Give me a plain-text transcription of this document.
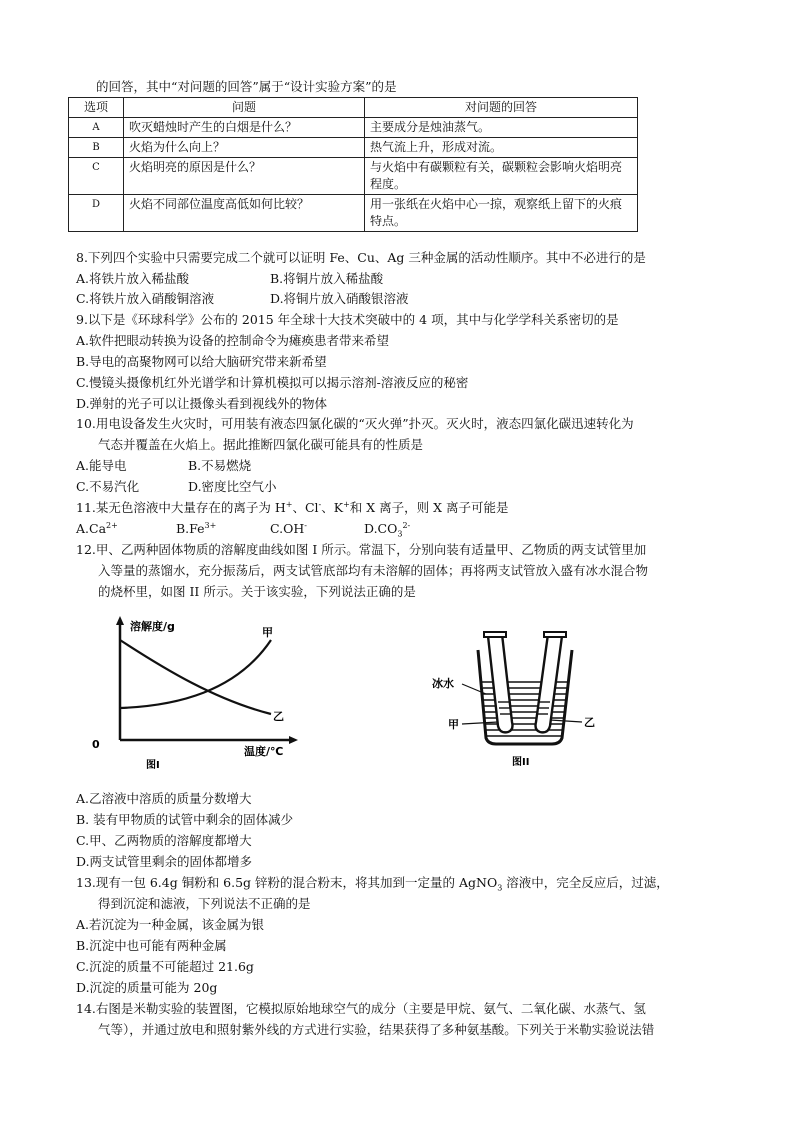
的回答，其中“对问题的回答”属于“设计实验方案”的是
选项	问题	对问题的回答
A	吹灭蜡烛时产生的白烟是什么？	主要成分是烛油蒸气。
B	火焰为什么向上？	热气流上升，形成对流。
C	火焰明亮的原因是什么？	与火焰中有碳颗粒有关，碳颗粒会影响火焰明亮程度。
D	火焰不同部位温度高低如何比较？	用一张纸在火焰中心一掠，观察纸上留下的火痕特点。
8.下列四个实验中只需要完成二个就可以证明 Fe、Cu、Ag 三种金属的活动性顺序。其中不必进行的是
A.将铁片放入稀盐酸	B.将铜片放入稀盐酸
C.将铁片放入硝酸铜溶液	D.将铜片放入硝酸银溶液
9.以下是《环球科学》公布的 2015 年全球十大技术突破中的 4 项，其中与化学学科关系密切的是
A.软件把眼动转换为设备的控制命令为瘫痪患者带来希望
B.导电的高聚物网可以给大脑研究带来新希望
C.慢镜头摄像机红外光谱学和计算机模拟可以揭示溶剂-溶液反应的秘密
D.弹射的光子可以让摄像头看到视线外的物体
10.用电设备发生火灾时，可用装有液态四氯化碳的“灭火弹”扑灭。灭火时，液态四氯化碳迅速转化为
气态并覆盖在火焰上。据此推断四氯化碳可能具有的性质是
A.能导电	B.不易燃烧
C.不易汽化	D.密度比空气小
11.某无色溶液中大量存在的离子为 H+、Cl-、K+和 X 离子，则 X 离子可能是
$A.Ca^{2+}$	$B.Fe^{3+}$	C.OH-	$D.CO_3^{2-}$
12.甲、乙两种固体物质的溶解度曲线如图 I 所示。常温下，分别向装有适量甲、乙物质的两支试管里加
入等量的蒸馏水，充分振荡后，两支试管底部均有未溶解的固体；再将两支试管放入盛有冰水混合物
的烧杯里，如图 II 所示。关于该实验，下列说法正确的是
溶解度/g
温度/℃
0
甲
乙
图I
冰水
甲	乙
图II
A.乙溶液中溶质的质量分数增大
B. 装有甲物质的试管中剩余的固体减少
C.甲、乙两物质的溶解度都增大
D.两支试管里剩余的固体都增多
13.现有一包 6.4g 铜粉和 6.5g 锌粉的混合粉末，将其加到一定量的 AgNO$_3$ 溶液中，完全反应后，过滤，
得到沉淀和滤液，下列说法不正确的是
A.若沉淀为一种金属，该金属为银
B.沉淀中也可能有两种金属
C.沉淀的质量不可能超过 21.6g
D.沉淀的质量可能为 20g
14.右图是米勒实验的装置图，它模拟原始地球空气的成分（主要是甲烷、氨气、二氧化碳、水蒸气、氢
气等），并通过放电和照射紫外线的方式进行实验，结果获得了多种氨基酸。下列关于米勒实验说法错
